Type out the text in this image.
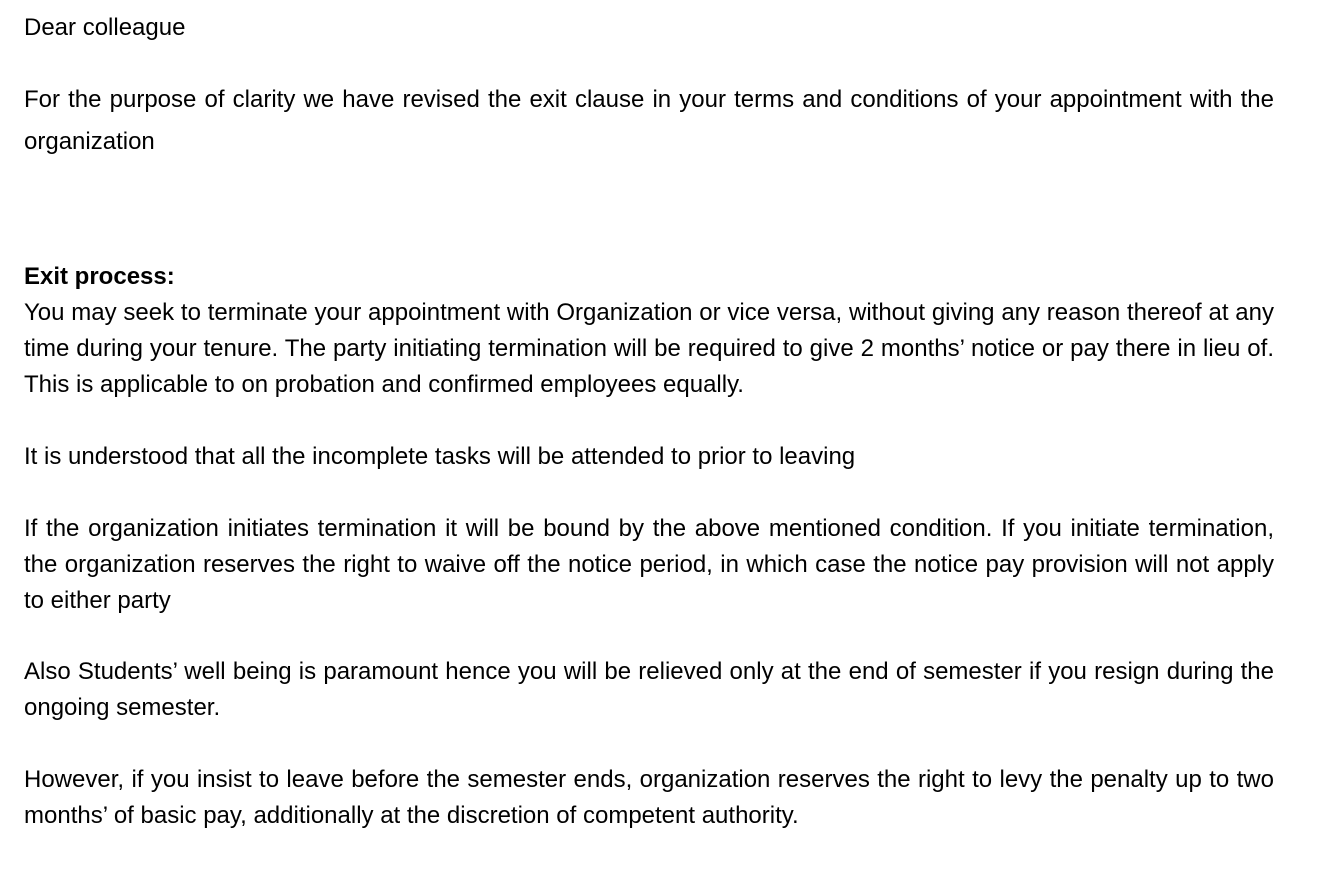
Dear colleague

For the purpose of clarity we have revised the exit clause in your terms and conditions of your appointment with the organization

Exit process:

You may seek to terminate your appointment with Organization or vice versa, without giving any reason thereof at any time during your tenure. The party initiating termination will be required to give 2 months’ notice or pay there in lieu of. This is applicable to on probation and confirmed employees equally.

It is understood that all the incomplete tasks will be attended to prior to leaving

If the organization initiates termination it will be bound by the above mentioned condition. If you initiate termination, the organization reserves the right to waive off the notice period, in which case the notice pay provision will not apply to either party

Also Students’ well being is paramount hence you will be relieved only at the end of semester if you resign during the ongoing semester.

However, if you insist to leave before the semester ends, organization reserves the right to levy the penalty up to two months’ of basic pay, additionally at the discretion of competent authority.
